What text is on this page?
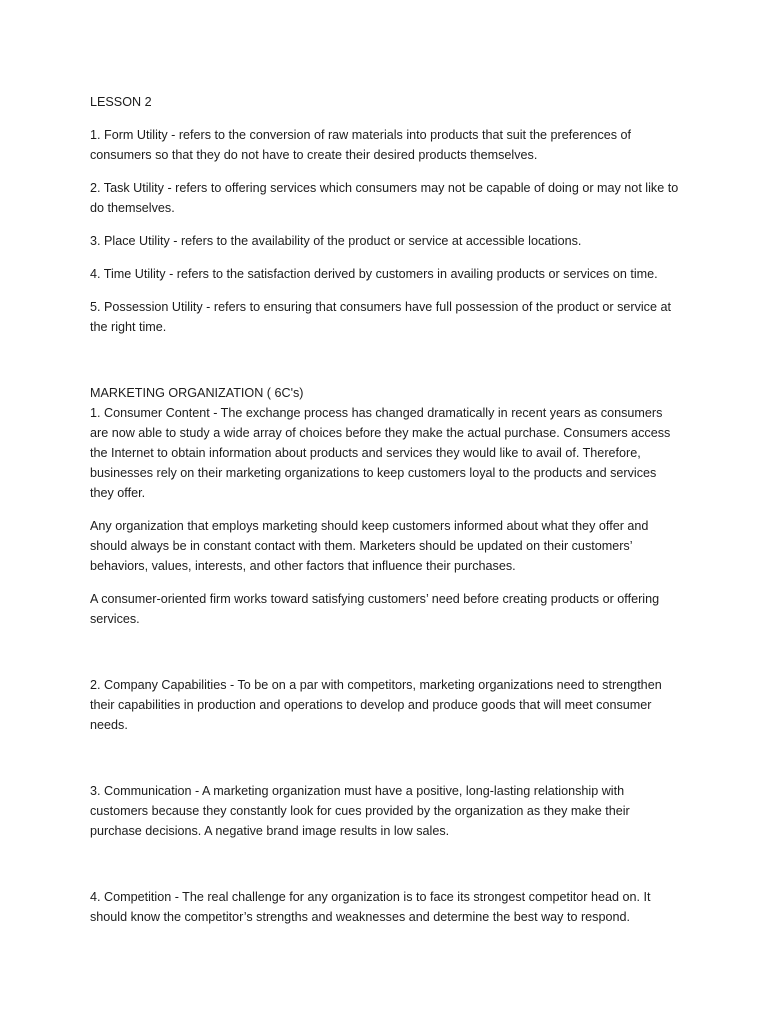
LESSON 2

1. Form Utility - refers to the conversion of raw materials into products that suit the preferences of consumers so that they do not have to create their desired products themselves.

2. Task Utility - refers to offering services which consumers may not be capable of doing or may not like to do themselves.

3. Place Utility - refers to the availability of the product or service at accessible locations.

4. Time Utility - refers to the satisfaction derived by customers in availing products or services on time.

5. Possession Utility - refers to ensuring that consumers have full possession of the product or service at the right time.

MARKETING ORGANIZATION ( 6C's)

1. Consumer Content - The exchange process has changed dramatically in recent years as consumers are now able to study a wide array of choices before they make the actual purchase. Consumers access the Internet to obtain information about products and services they would like to avail of. Therefore, businesses rely on their marketing organizations to keep customers loyal to the products and services they offer.

Any organization that employs marketing should keep customers informed about what they offer and should always be in constant contact with them. Marketers should be updated on their customers’ behaviors, values, interests, and other factors that influence their purchases.

A consumer-oriented firm works toward satisfying customers’ need before creating products or offering services.

2. Company Capabilities - To be on a par with competitors, marketing organizations need to strengthen their capabilities in production and operations to develop and produce goods that will meet consumer needs.

3. Communication - A marketing organization must have a positive, long-lasting relationship with customers because they constantly look for cues provided by the organization as they make their purchase decisions. A negative brand image results in low sales.

4. Competition - The real challenge for any organization is to face its strongest competitor head on. It should know the competitor’s strengths and weaknesses and determine the best way to respond.
